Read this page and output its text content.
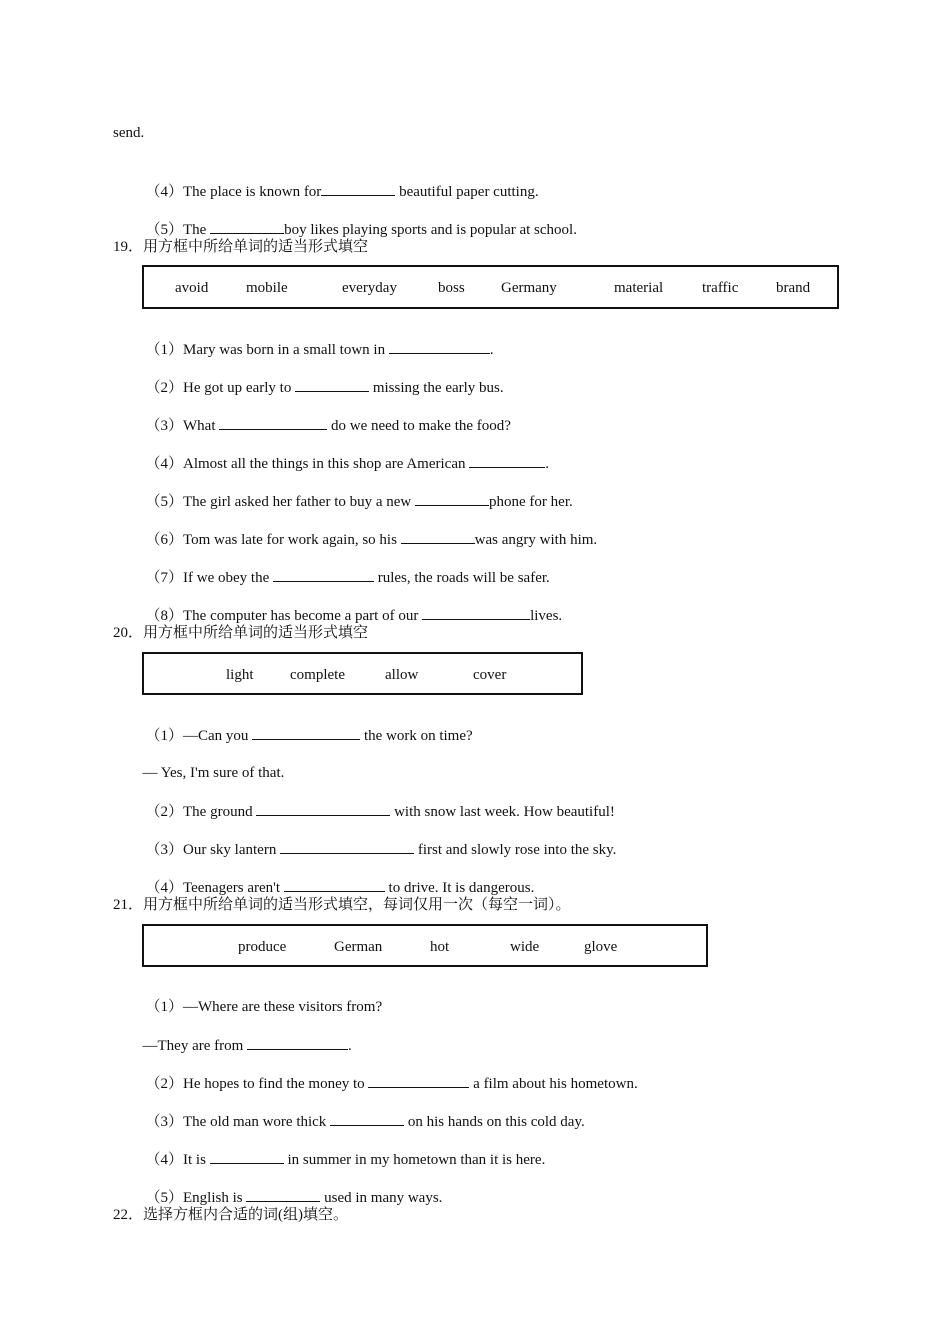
send.

（4）The place is known for	beautiful paper cutting.

（5）The	boy likes playing sports and is popular at school.

19．用方框中所给单词的适当形式填空
avoid	mobile	everyday	boss Germany	material	traffic	brand

（1）Mary was born in a small town in	.

（2）He got up early to	missing the early bus.

（3）What	do we need to make the food?

（4）Almost all the things in this shop are American	.

（5）The girl asked her father to buy a new	phone for her.

（6）Tom was late for work again, so his	was angry with him.

（7）If we obey the	rules, the roads will be safer.

（8）The computer has become a part of our	lives.

20．用方框中所给单词的适当形式填空
light complete	allow	cover

（1）—Can you	the work on time?

— Yes, I'm sure of that.

（2）The ground	with snow last week. How beautiful!

（3）Our sky lantern	first and slowly rose into the sky.

（4）Teenagers aren't	to drive. It is dangerous.

21．用方框中所给单词的适当形式填空，每词仅用一次（每空一词）。
produce	German	hot	wide	glove

（1）—Where are these visitors from?

—They are from	.

（2）He hopes to find the money to	a film about his hometown.

（3）The old man wore thick	on his hands on this cold day.

（4）It is	in summer in my hometown than it is here.

（5）English is	used in many ways.

22．选择方框内合适的词(组)填空。
